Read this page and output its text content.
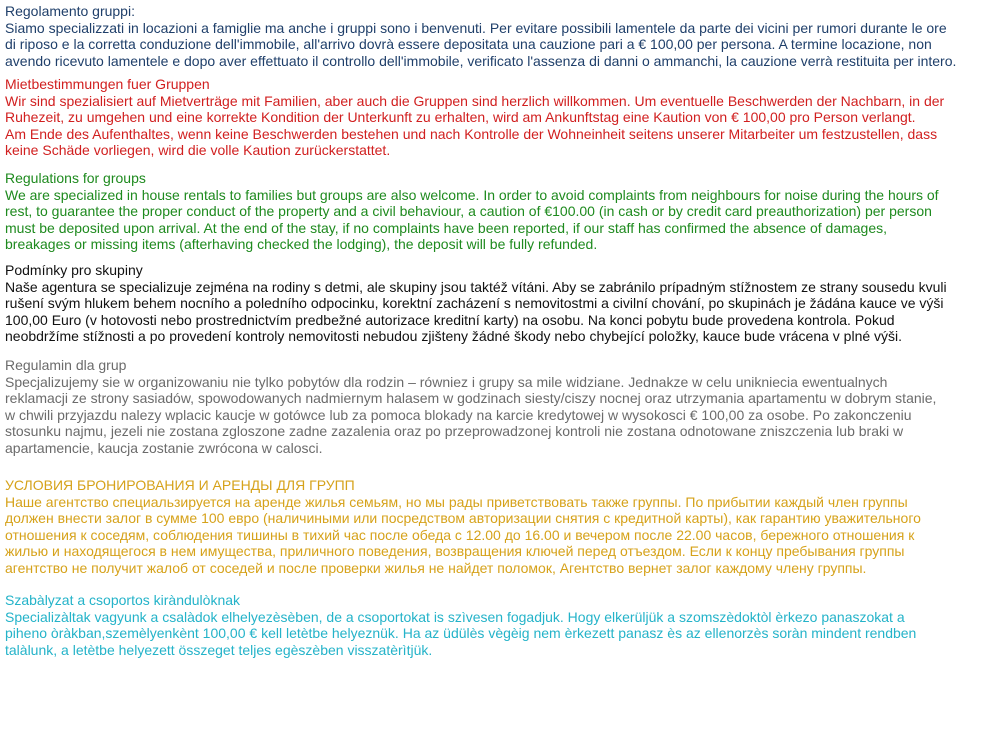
Regolamento gruppi:

Siamo specializzati in locazioni a famiglie ma anche i gruppi sono i benvenuti. Per evitare possibili lamentele da parte dei vicini per rumori durante le ore

di riposo e la corretta conduzione dell'immobile, all'arrivo dovrà essere depositata una cauzione pari a € 100,00 per persona. A termine locazione, non

avendo ricevuto lamentele e dopo aver effettuato il controllo dell'immobile, verificato l'assenza di danni o ammanchi, la cauzione verrà restituita per intero.

Mietbestimmungen fuer Gruppen

Wir sind spezialisiert auf Mietverträge mit Familien, aber auch die Gruppen sind herzlich willkommen. Um eventuelle Beschwerden der Nachbarn, in der

Ruhezeit, zu umgehen und eine korrekte Kondition der Unterkunft zu erhalten, wird am Ankunftstag eine Kaution von € 100,00 pro Person verlangt.

Am Ende des Aufenthaltes, wenn keine Beschwerden bestehen und nach Kontrolle der Wohneinheit seitens unserer Mitarbeiter um festzustellen, dass

keine Schäde vorliegen, wird die volle Kaution zurückerstattet.

Regulations for groups

We are specialized in house rentals to families but groups are also welcome. In order to avoid complaints from neighbours for noise during the hours of

rest, to guarantee the proper conduct of the property and a civil behaviour, a caution of €100.00 (in cash or by credit card preauthorization) per person

must be deposited upon arrival. At the end of the stay, if no complaints have been reported, if our staff has confirmed the absence of damages,

breakages or missing items (afterhaving checked the lodging), the deposit will be fully refunded.

Podmínky pro skupiny

Naše agentura se specializuje zejména na rodiny s detmi, ale skupiny jsou taktéž vítáni. Aby se zabránilo prípadným stížnostem ze strany sousedu kvuli

rušení svým hlukem behem nocního a poledního odpocinku, korektní zacházení s nemovitostmi a civilní chování, po skupinách je žádána kauce ve výši

100,00 Euro (v hotovosti nebo prostrednictvím predbežné autorizace kreditní karty) na osobu. Na konci pobytu bude provedena kontrola. Pokud

neobdržíme stížnosti a po provedení kontroly nemovitosti nebudou zjišteny žádné škody nebo chybející položky, kauce bude vrácena v plné výši.

Regulamin dla grup

Specjalizujemy sie w organizowaniu nie tylko pobytów dla rodzin – równiez i grupy sa mile widziane. Jednakze w celu unikniecia ewentualnych

reklamacji ze strony sasiadów, spowodowanych nadmiernym halasem w godzinach siesty/ciszy nocnej oraz utrzymania apartamentu w dobrym stanie,

w chwili przyjazdu nalezy wplacic kaucje w gotówce lub za pomoca blokady na karcie kredytowej w wysokosci € 100,00 za osobe. Po zakonczeniu

stosunku najmu, jezeli nie zostana zgloszone zadne zazalenia oraz po przeprowadzonej kontroli nie zostana odnotowane zniszczenia lub braki w

apartamencie, kaucja zostanie zwrócona w calosci.

УСЛОВИЯ БРОНИРОВАНИЯ И АРЕНДЫ ДЛЯ ГРУПП

Наше агентство специальзируется на аренде жилья семьям, но мы рады приветствовать также группы. По прибытии каждый член группы

должен внести залог в сумме 100 евро (наличиными или посредством авторизации снятия с кредитной карты), как гарантию уважительного

отношения к соседям, соблюдения тишины в тихий час после обеда с 12.00 до 16.00 и вечером после 22.00 часов, бережного отношения к

жилью и находящегося в нем имущества, приличного поведения, возвращения ключей перед отъездом. Если к концу пребывания группы

агентство не получит жалоб от соседей и после проверки жилья не найдет поломок, Агентство вернет залог каждому члену группы.

Szabàlyzat a csoportos kiràndulòknak

Specializàltak vagyunk a csalàdok elhelyezèsèben, de a csoportokat is szìvesen fogadjuk. Hogy elkerüljük a szomszèdoktòl èrkezo panaszokat a

piheno òràkban,szemèlyenkènt 100,00 € kell letètbe helyeznük. Ha az üdülès vègèig nem èrkezett panasz ès az ellenorzès soràn mindent rendben

talàlunk, a letètbe helyezett összeget teljes egèszèben visszatèrìtjük.
